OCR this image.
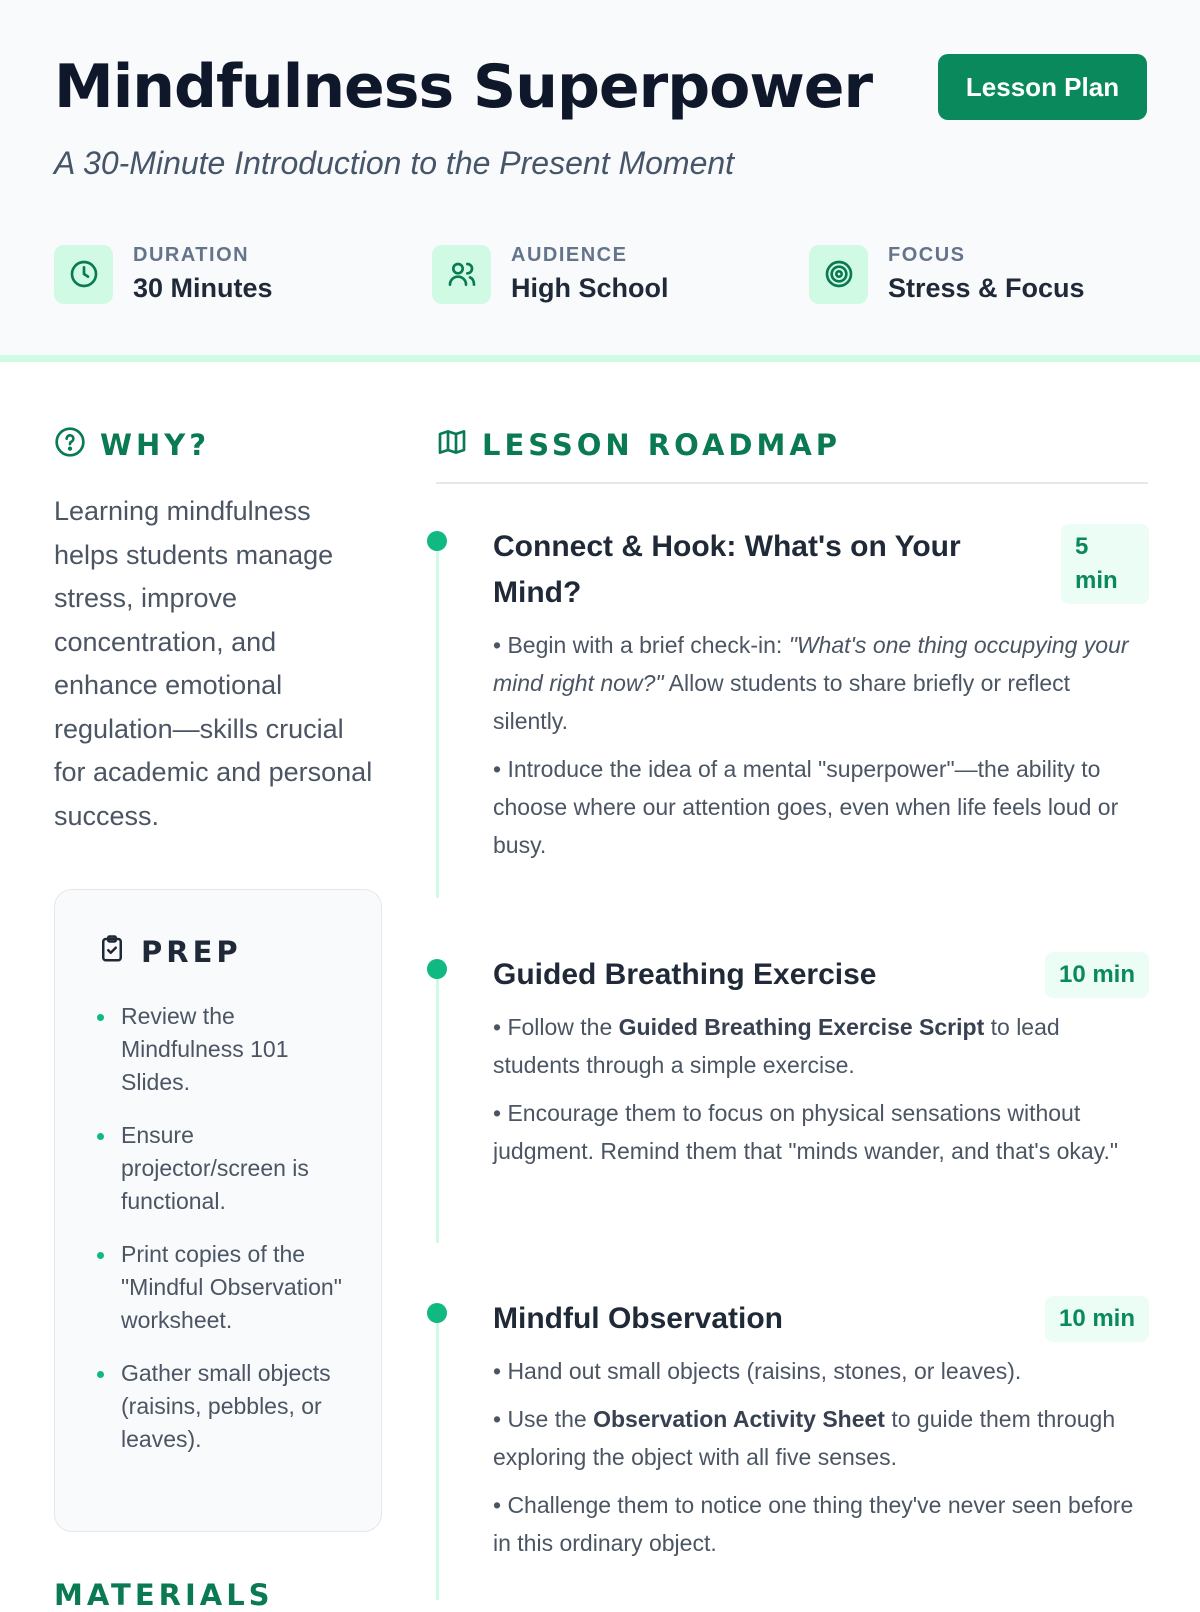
Mindfulness Superpower	Lesson Plan

A 30-Minute Introduction to the Present Moment

DURATION
30 Minutes
AUDIENCE
High School
FOCUS
Stress & Focus
WHY?

Learning mindfulness helps students manage stress, improve concentration, and enhance emotional regulation—skills crucial for academic and personal success.

PREP
Review the Mindfulness 101 Slides.
Ensure projector/screen is functional.
Print copies of the "Mindful Observation" worksheet.
Gather small objects (raisins, pebbles, or leaves).
MATERIALS
LESSON ROADMAP

Connect & Hook: What's on Your Mind?

5 min

• Begin with a brief check-in: "What's one thing occupying your mind right now?" Allow students to share briefly or reflect silently.

• Introduce the idea of a mental "superpower"—the ability to choose where our attention goes, even when life feels loud or busy.

Guided Breathing Exercise	10 min

• Follow the Guided Breathing Exercise Script to lead students through a simple exercise.

• Encourage them to focus on physical sensations without judgment. Remind them that "minds wander, and that's okay."

Mindful Observation	10 min

• Hand out small objects (raisins, stones, or leaves).

• Use the Observation Activity Sheet to guide them through exploring the object with all five senses.

• Challenge them to notice one thing they've never seen before in this ordinary object.
